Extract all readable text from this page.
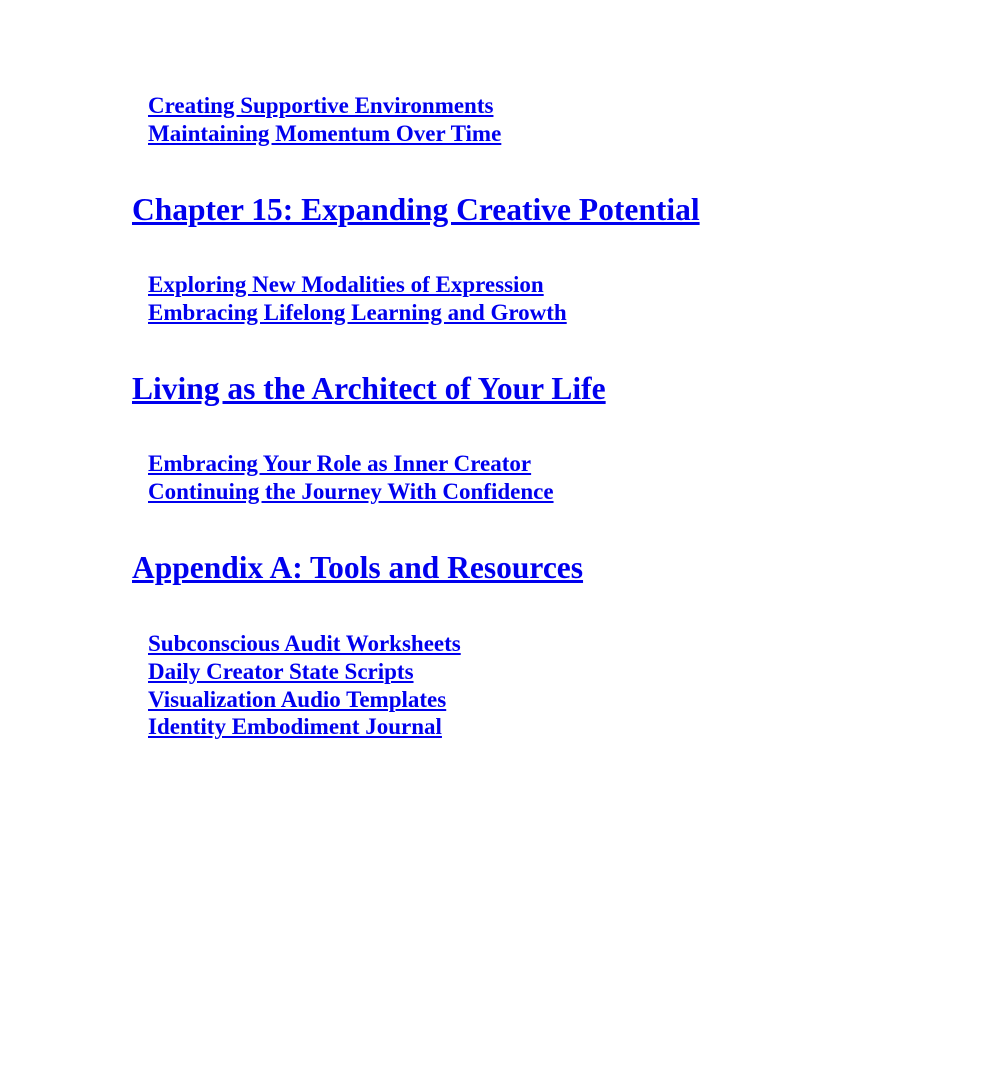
Creating Supportive Environments
Maintaining Momentum Over Time
Chapter 15: Expanding Creative Potential
Exploring New Modalities of Expression
Embracing Lifelong Learning and Growth
Living as the Architect of Your Life
Embracing Your Role as Inner Creator
Continuing the Journey With Confidence
Appendix A: Tools and Resources
Subconscious Audit Worksheets
Daily Creator State Scripts
Visualization Audio Templates
Identity Embodiment Journal
